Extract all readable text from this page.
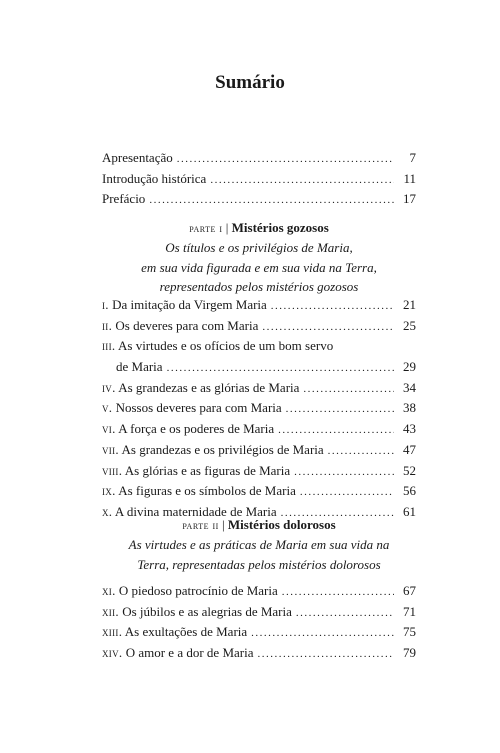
Sumário
Apresentação .....	7
Introdução histórica .....	11
Prefácio .....	17
parte i | Mistérios gozosos
Os títulos e os privilégios de Maria,
em sua vida figurada e em sua vida na Terra,
representados pelos mistérios gozosos
i. Da imitação da Virgem Maria .....	21
ii. Os deveres para com Maria .....	25
iii. As virtudes e os ofícios de um bom servo
de Maria .....	29
iv. As grandezas e as glórias de Maria .....	34
v. Nossos deveres para com Maria .....	38
vi. A força e os poderes de Maria .....	43
vii. As grandezas e os privilégios de Maria .....	47
viii. As glórias e as figuras de Maria .....	52
ix. As figuras e os símbolos de Maria .....	56
x. A divina maternidade de Maria .....	61
parte ii | Mistérios dolorosos
As virtudes e as práticas de Maria em sua vida na
Terra, representadas pelos mistérios dolorosos
xi. O piedoso patrocínio de Maria .....	67
xii. Os júbilos e as alegrias de Maria .....	71
xiii. As exultações de Maria .....	75
xiv. O amor e a dor de Maria .....	79
